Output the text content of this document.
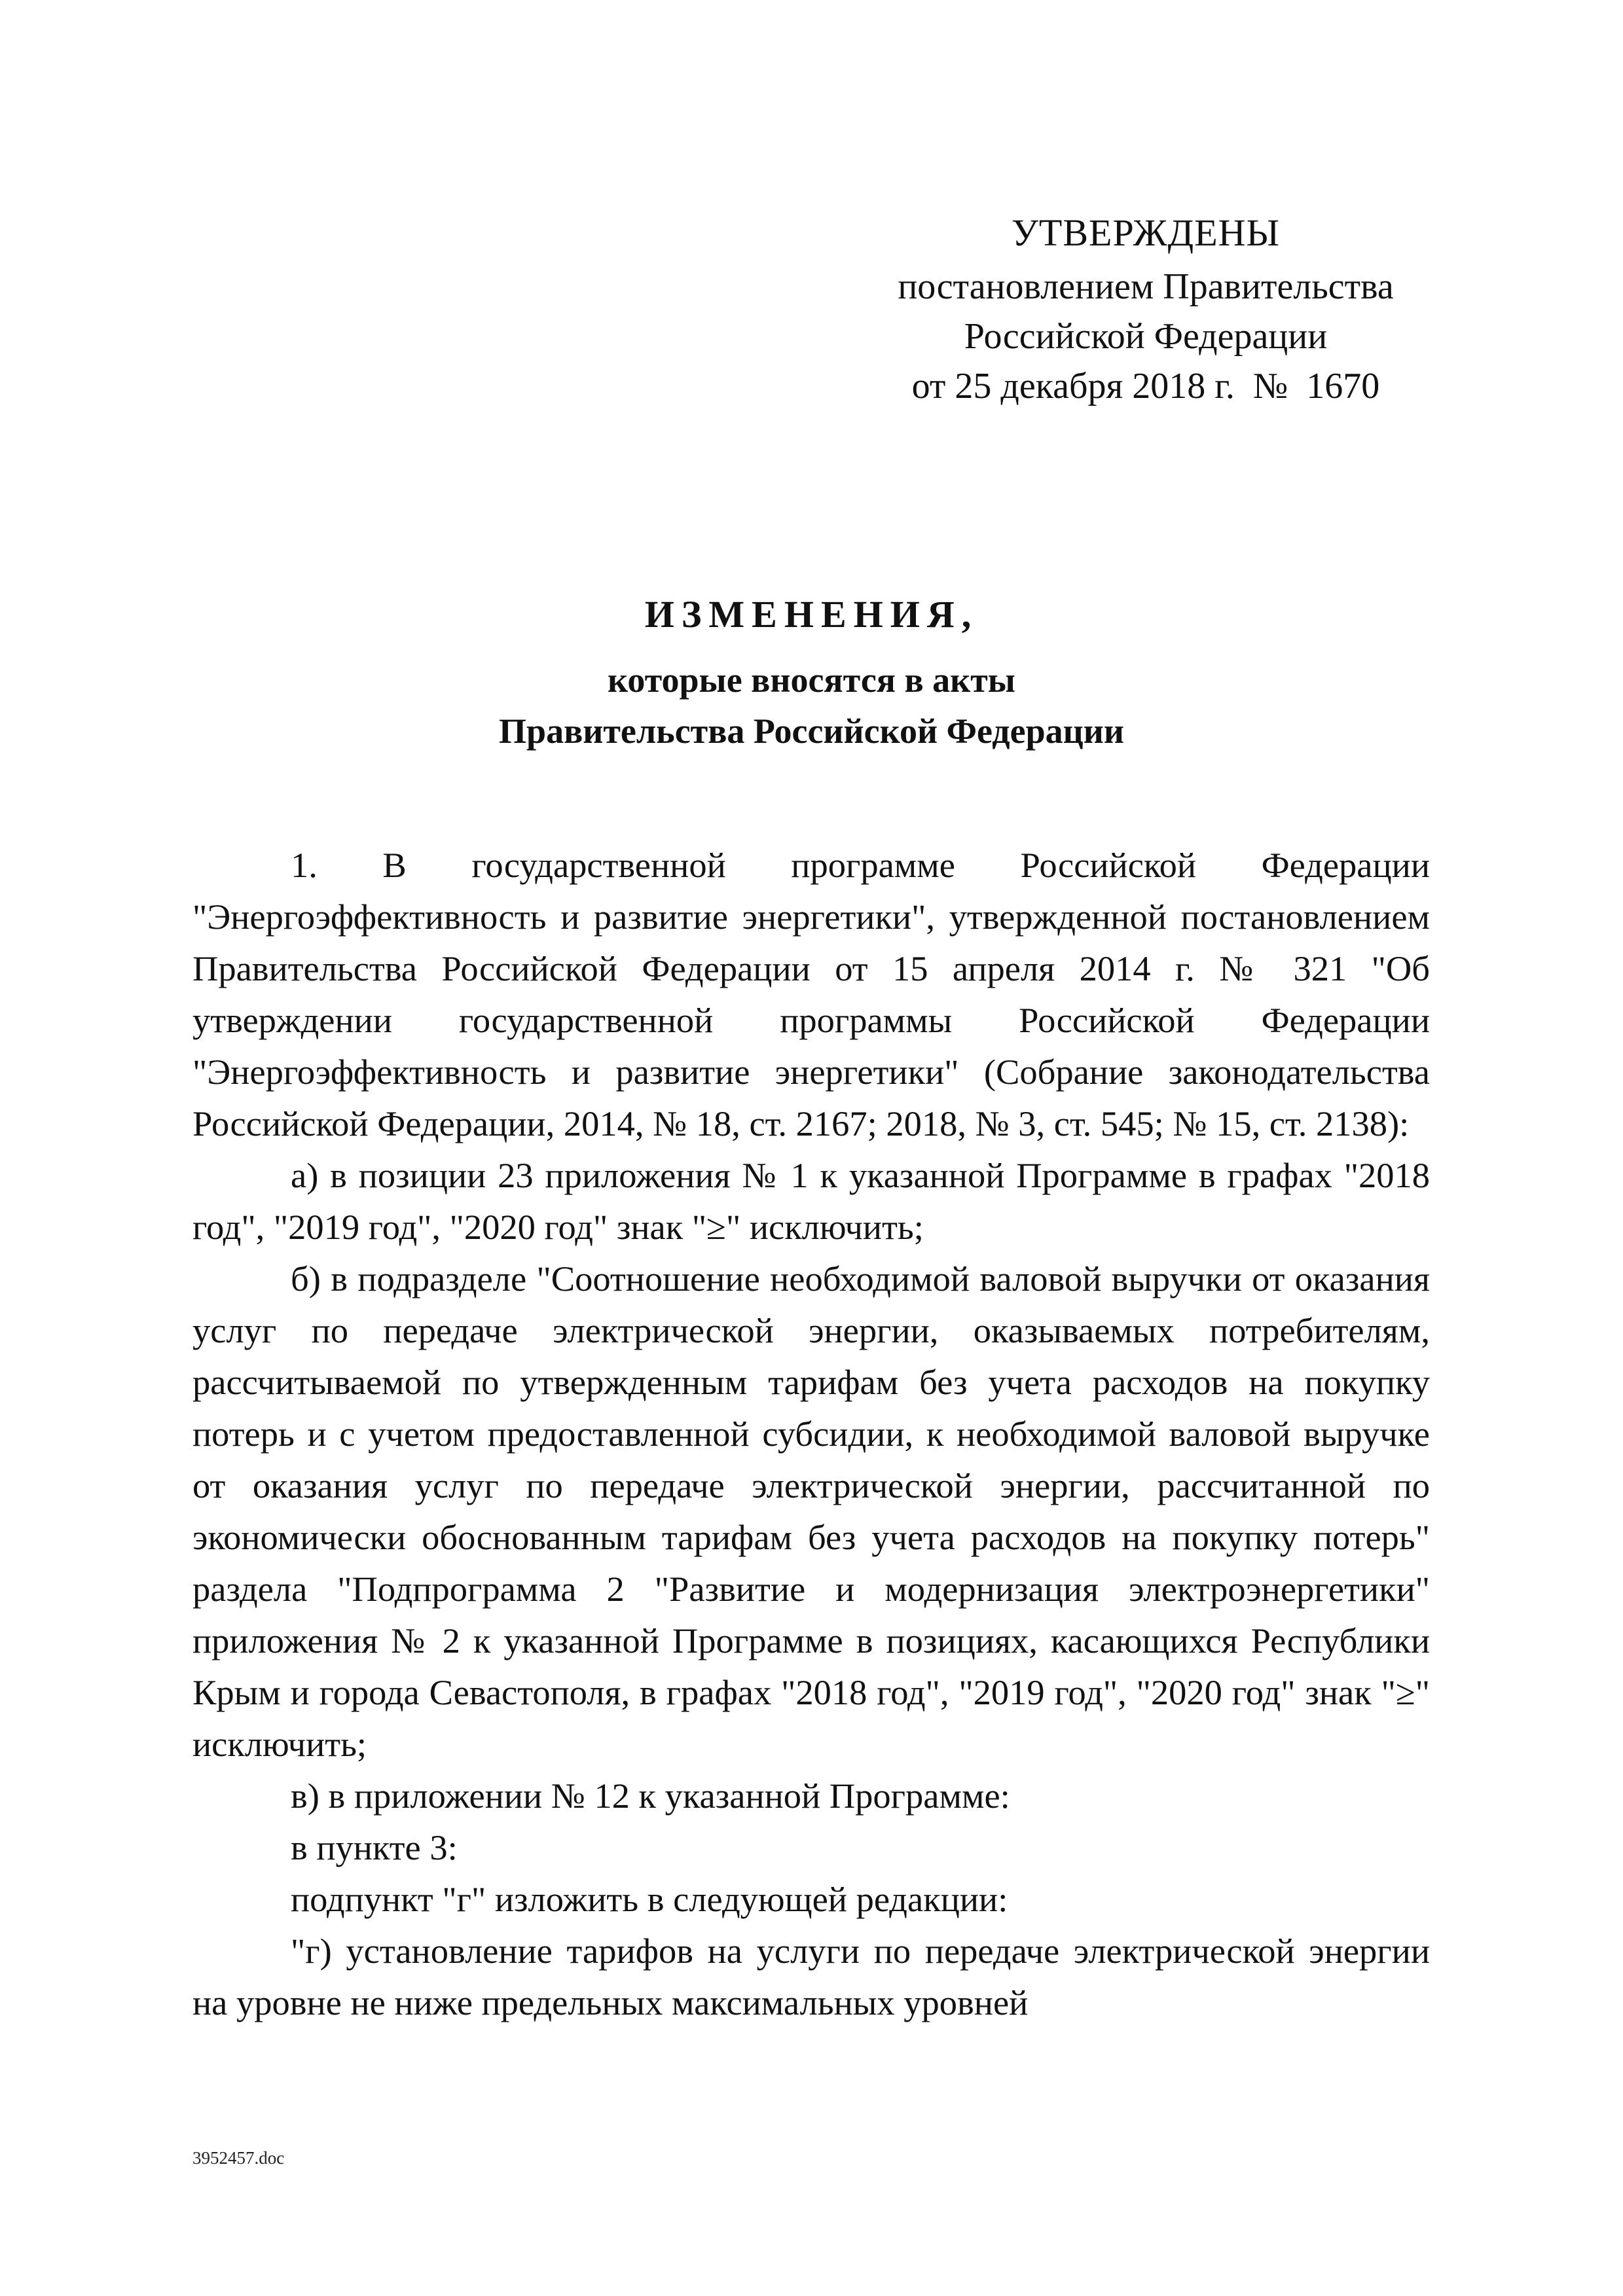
УТВЕРЖДЕНЫ
постановлением Правительства
Российской Федерации
от 25 декабря 2018 г.  №  1670
ИЗМЕНЕНИЯ,
которые вносятся в акты
Правительства Российской Федерации

1. В государственной программе Российской Федерации "Энергоэффективность и развитие энергетики", утвержденной постановлением Правительства Российской Федерации от 15 апреля 2014 г. № 321 "Об утверждении государственной программы Российской Федерации "Энергоэффективность и развитие энергетики" (Собрание законодательства Российской Федерации, 2014, № 18, ст. 2167; 2018, № 3, ст. 545; № 15, ст. 2138):

а) в позиции 23 приложения № 1 к указанной Программе в графах "2018 год", "2019 год", "2020 год" знак "≥" исключить;

б) в подразделе "Соотношение необходимой валовой выручки от оказания услуг по передаче электрической энергии, оказываемых потребителям, рассчитываемой по утвержденным тарифам без учета расходов на покупку потерь и с учетом предоставленной субсидии, к необходимой валовой выручке от оказания услуг по передаче электрической энергии, рассчитанной по экономически обоснованным тарифам без учета расходов на покупку потерь" раздела "Подпрограмма 2 "Развитие и модернизация электроэнергетики" приложения № 2 к указанной Программе в позициях, касающихся Республики Крым и города Севастополя, в графах "2018 год", "2019 год", "2020 год" знак "≥" исключить;

в) в приложении № 12 к указанной Программе:

в пункте 3:

подпункт "г" изложить в следующей редакции:

"г) установление тарифов на услуги по передаче электрической энергии на уровне не ниже предельных максимальных уровней

3952457.doc
